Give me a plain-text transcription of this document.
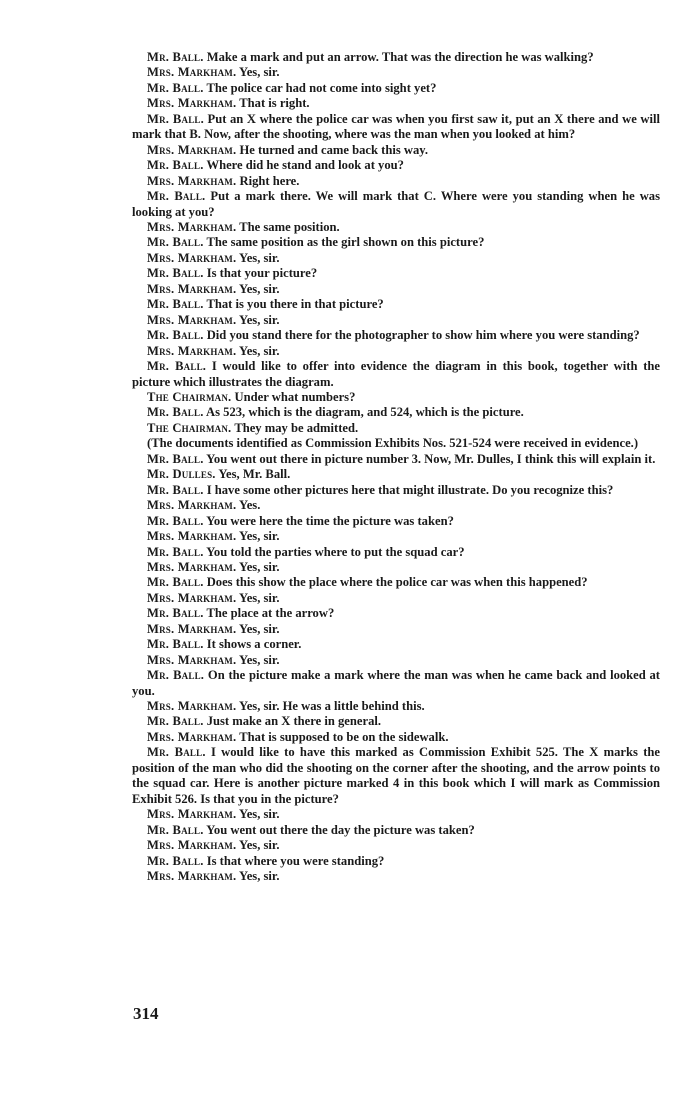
Mr. Ball. Make a mark and put an arrow. That was the direction he was walking?

Mrs. Markham. Yes, sir.

Mr. Ball. The police car had not come into sight yet?

Mrs. Markham. That is right.

Mr. Ball. Put an X where the police car was when you first saw it, put an X there and we will mark that B. Now, after the shooting, where was the man when you looked at him?

Mrs. Markham. He turned and came back this way.

Mr. Ball. Where did he stand and look at you?

Mrs. Markham. Right here.

Mr. Ball. Put a mark there. We will mark that C. Where were you standing when he was looking at you?

Mrs. Markham. The same position.

Mr. Ball. The same position as the girl shown on this picture?

Mrs. Markham. Yes, sir.

Mr. Ball. Is that your picture?

Mrs. Markham. Yes, sir.

Mr. Ball. That is you there in that picture?

Mrs. Markham. Yes, sir.

Mr. Ball. Did you stand there for the photographer to show him where you were standing?

Mrs. Markham. Yes, sir.

Mr. Ball. I would like to offer into evidence the diagram in this book, together with the picture which illustrates the diagram.

The Chairman. Under what numbers?

Mr. Ball. As 523, which is the diagram, and 524, which is the picture.

The Chairman. They may be admitted.

(The documents identified as Commission Exhibits Nos. 521-524 were received in evidence.)

Mr. Ball. You went out there in picture number 3. Now, Mr. Dulles, I think this will explain it.

Mr. Dulles. Yes, Mr. Ball.

Mr. Ball. I have some other pictures here that might illustrate. Do you recognize this?

Mrs. Markham. Yes.

Mr. Ball. You were here the time the picture was taken?

Mrs. Markham. Yes, sir.

Mr. Ball. You told the parties where to put the squad car?

Mrs. Markham. Yes, sir.

Mr. Ball. Does this show the place where the police car was when this happened?

Mrs. Markham. Yes, sir.

Mr. Ball. The place at the arrow?

Mrs. Markham. Yes, sir.

Mr. Ball. It shows a corner.

Mrs. Markham. Yes, sir.

Mr. Ball. On the picture make a mark where the man was when he came back and looked at you.

Mrs. Markham. Yes, sir. He was a little behind this.

Mr. Ball. Just make an X there in general.

Mrs. Markham. That is supposed to be on the sidewalk.

Mr. Ball. I would like to have this marked as Commission Exhibit 525. The X marks the position of the man who did the shooting on the corner after the shooting, and the arrow points to the squad car. Here is another picture marked 4 in this book which I will mark as Commission Exhibit 526. Is that you in the picture?

Mrs. Markham. Yes, sir.

Mr. Ball. You went out there the day the picture was taken?

Mrs. Markham. Yes, sir.

Mr. Ball. Is that where you were standing?

Mrs. Markham. Yes, sir.

314
